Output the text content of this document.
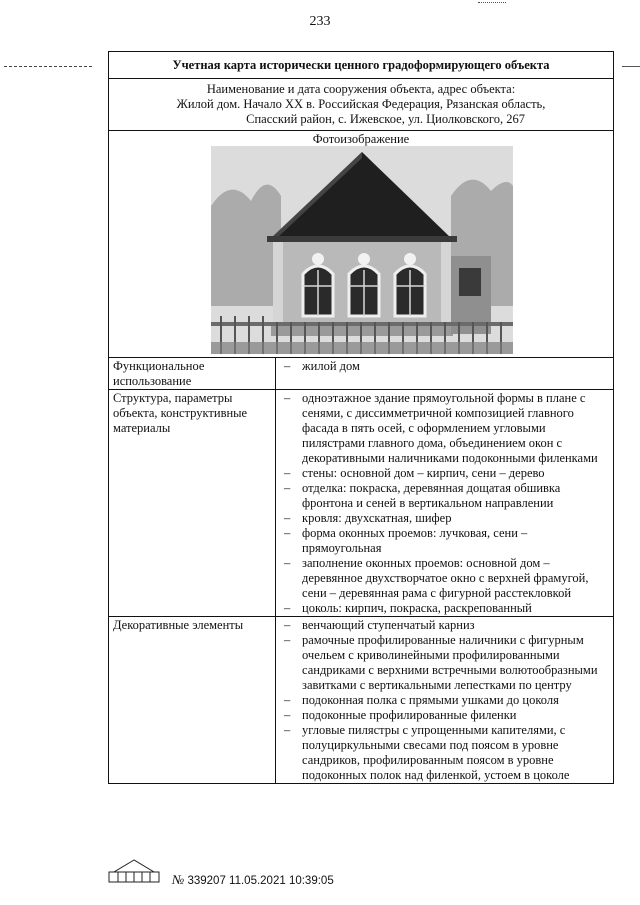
233
Учетная карта исторически ценного градоформирующего объекта
Наименование и дата сооружения объекта, адрес объекта:
Жилой дом. Начало XX в. Российская Федерация, Рязанская область,
Спасский район, с. Ижевское, ул. Циолковского, 267
Фотоизображение
Функциональное использование	
– жилой дом

Структура, параметры объекта, конструктивные материалы	
– одноэтажное здание прямоугольной формы в плане с сенями, с диссимметричной композицией главного фасада в пять осей, с оформлением угловыми пилястрами главного дома, объединением окон с декоративными наличниками подоконными филенками
– стены: основной дом – кирпич, сени – дерево
– отделка: покраска, деревянная дощатая обшивка фронтона и сеней в вертикальном направлении
– кровля: двухскатная, шифер
– форма оконных проемов: лучковая, сени – прямоугольная
– заполнение оконных проемов: основной дом – деревянное двухстворчатое окно с верхней фрамугой, сени – деревянная рама с фигурной расстекловкой
– цоколь: кирпич, покраска, раскрепованный

Декоративные элементы	
–венчающий ступенчатый карниз
– рамочные профилированные наличники с фигурным очельем с криволинейными профилированными сандриками с верхними встречными волютообразными завитками с вертикальными лепестками по центру
– подоконная полка с прямыми ушками до цоколя
– подоконные профилированные филенки
– угловые пилястры с упрощенными капителями, с полуциркульными свесами под поясом в уровне сандриков, профилированным поясом в уровне подоконных полок над филенкой, устоем в цоколе
№ 339207 11.05.2021 10:39:05
